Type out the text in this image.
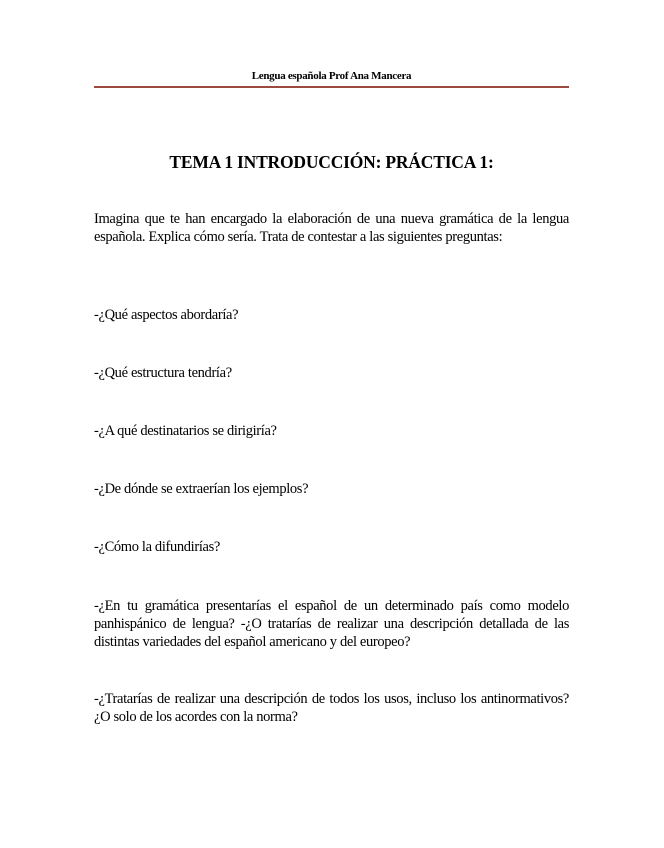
Lengua española Prof Ana Mancera
TEMA 1 INTRODUCCIÓN: PRÁCTICA 1:

Imagina que te han encargado la elaboración de una nueva gramática de la lengua española. Explica cómo sería. Trata de contestar a las siguientes preguntas:

-¿Qué aspectos abordaría?

-¿Qué estructura tendría?

-¿A qué destinatarios se dirigiría?

-¿De dónde se extraerían los ejemplos?

-¿Cómo la difundirías?

-¿En tu gramática presentarías el español de un determinado país como modelo panhispánico de lengua? -¿O tratarías de realizar una descripción detallada de las distintas variedades del español americano y del europeo?

-¿Tratarías de realizar una descripción de todos los usos, incluso los antinormativos? ¿O solo de los acordes con la norma?
